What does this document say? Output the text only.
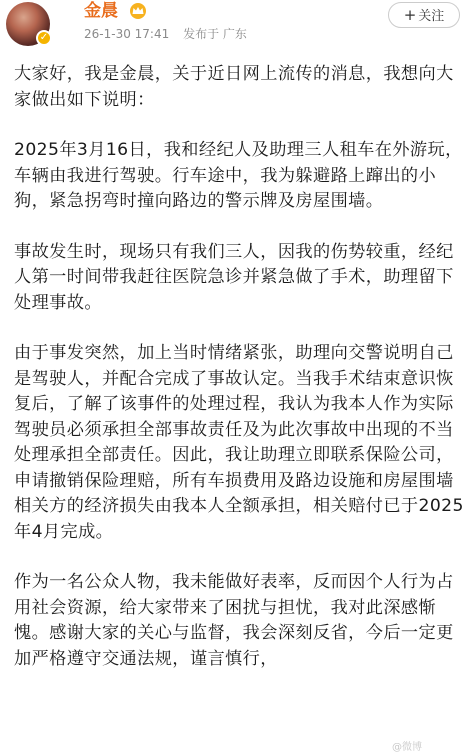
✓
金晨
26-1-30 17:41 发布于 广东
+ 关注

大家好，我是金晨，关于近日网上流传的消息，我想向大家做出如下说明：

2025年3月16日，我和经纪人及助理三人租车在外游玩，车辆由我进行驾驶。行车途中，我为躲避路上蹿出的小狗，紧急拐弯时撞向路边的警示牌及房屋围墙。

事故发生时，现场只有我们三人，因我的伤势较重，经纪人第一时间带我赶往医院急诊并紧急做了手术，助理留下处理事故。

由于事发突然，加上当时情绪紧张，助理向交警说明自己是驾驶人，并配合完成了事故认定。当我手术结束意识恢复后，了解了该事件的处理过程，我认为我本人作为实际驾驶员必须承担全部事故责任及为此次事故中出现的不当处理承担全部责任。因此，我让助理立即联系保险公司，申请撤销保险理赔，所有车损费用及路边设施和房屋围墙相关方的经济损失由我本人全额承担，相关赔付已于2025年4月完成。

作为一名公众人物，我未能做好表率，反而因个人行为占用社会资源，给大家带来了困扰与担忧，我对此深感惭愧。感谢大家的关心与监督，我会深刻反省，今后一定更加严格遵守交通法规，谨言慎行，

@微博
